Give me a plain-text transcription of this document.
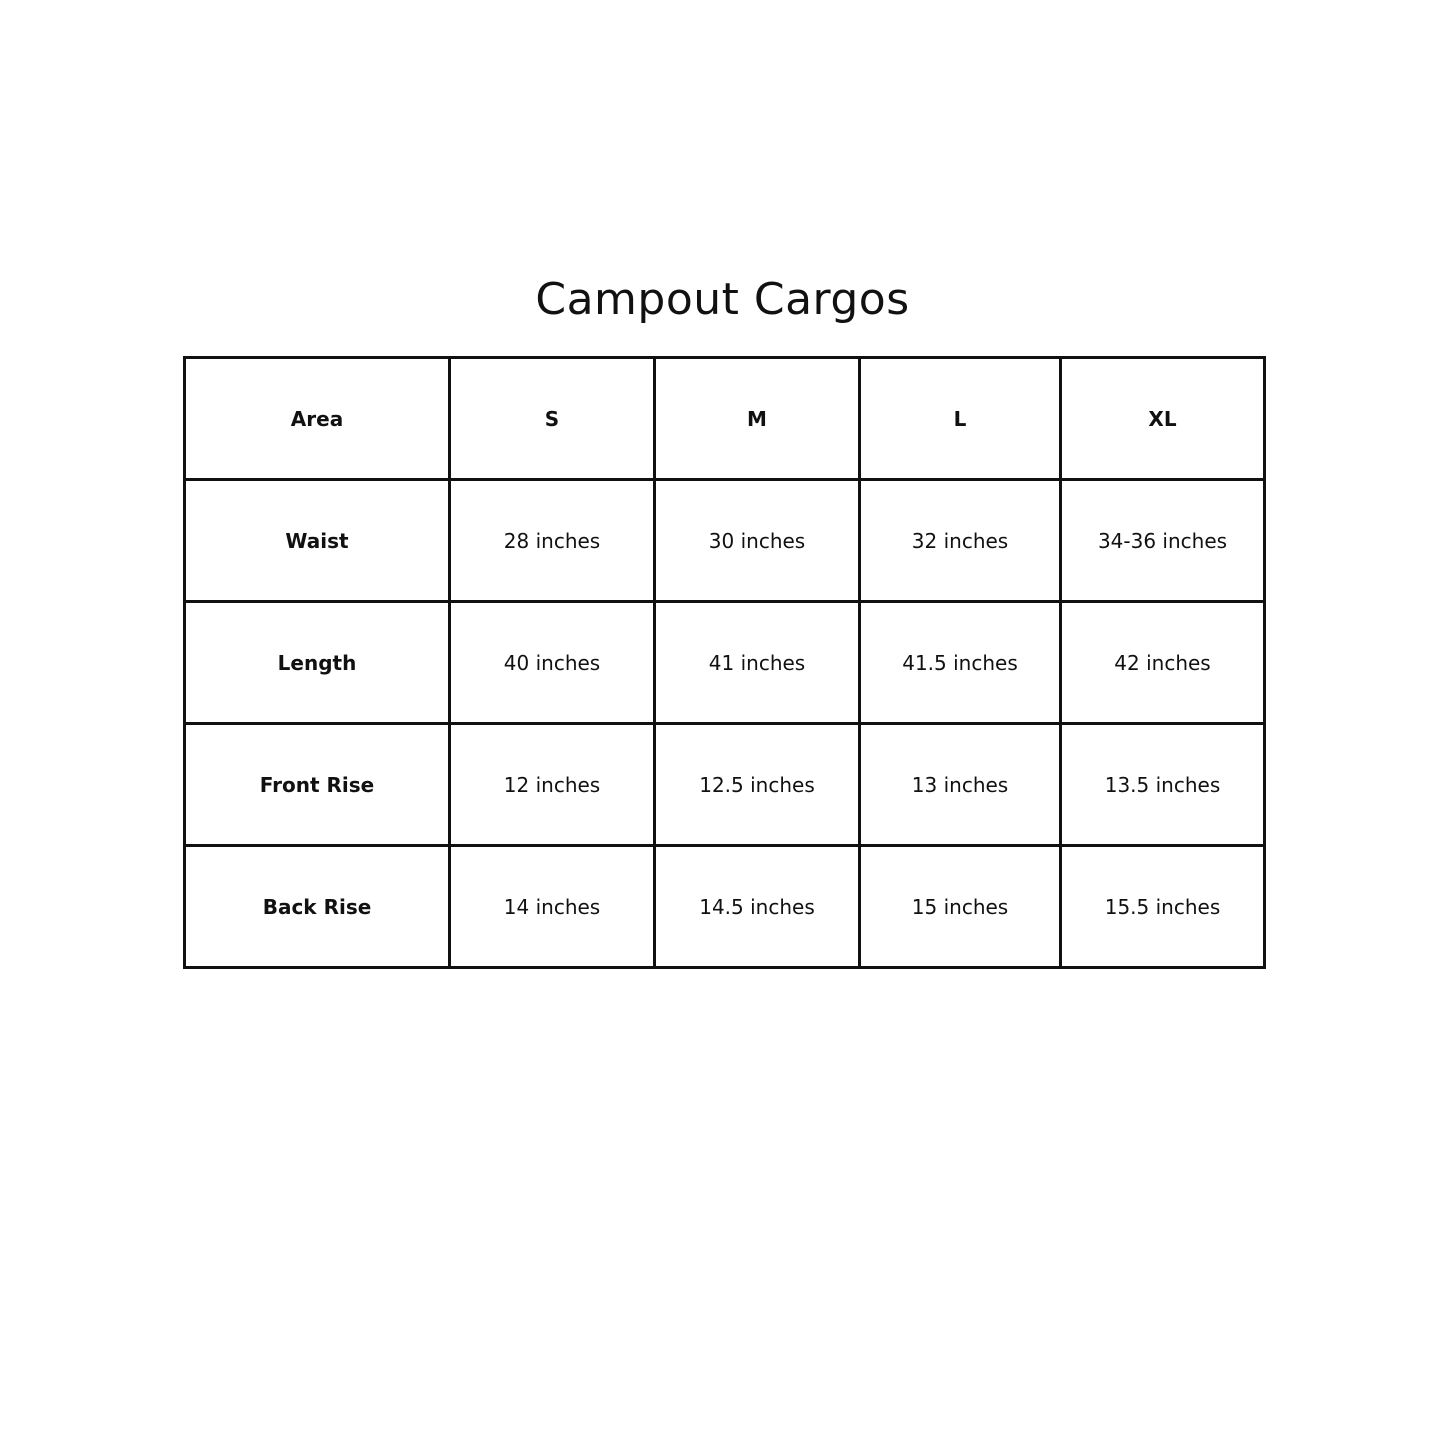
Campout Cargos
Area	S	M	L	XL
Waist	28 inches	30 inches	32 inches	34-36 inches
Length	40 inches	41 inches	41.5 inches	42 inches
Front Rise	12 inches	12.5 inches	13 inches	13.5 inches
Back Rise	14 inches	14.5 inches	15 inches	15.5 inches
